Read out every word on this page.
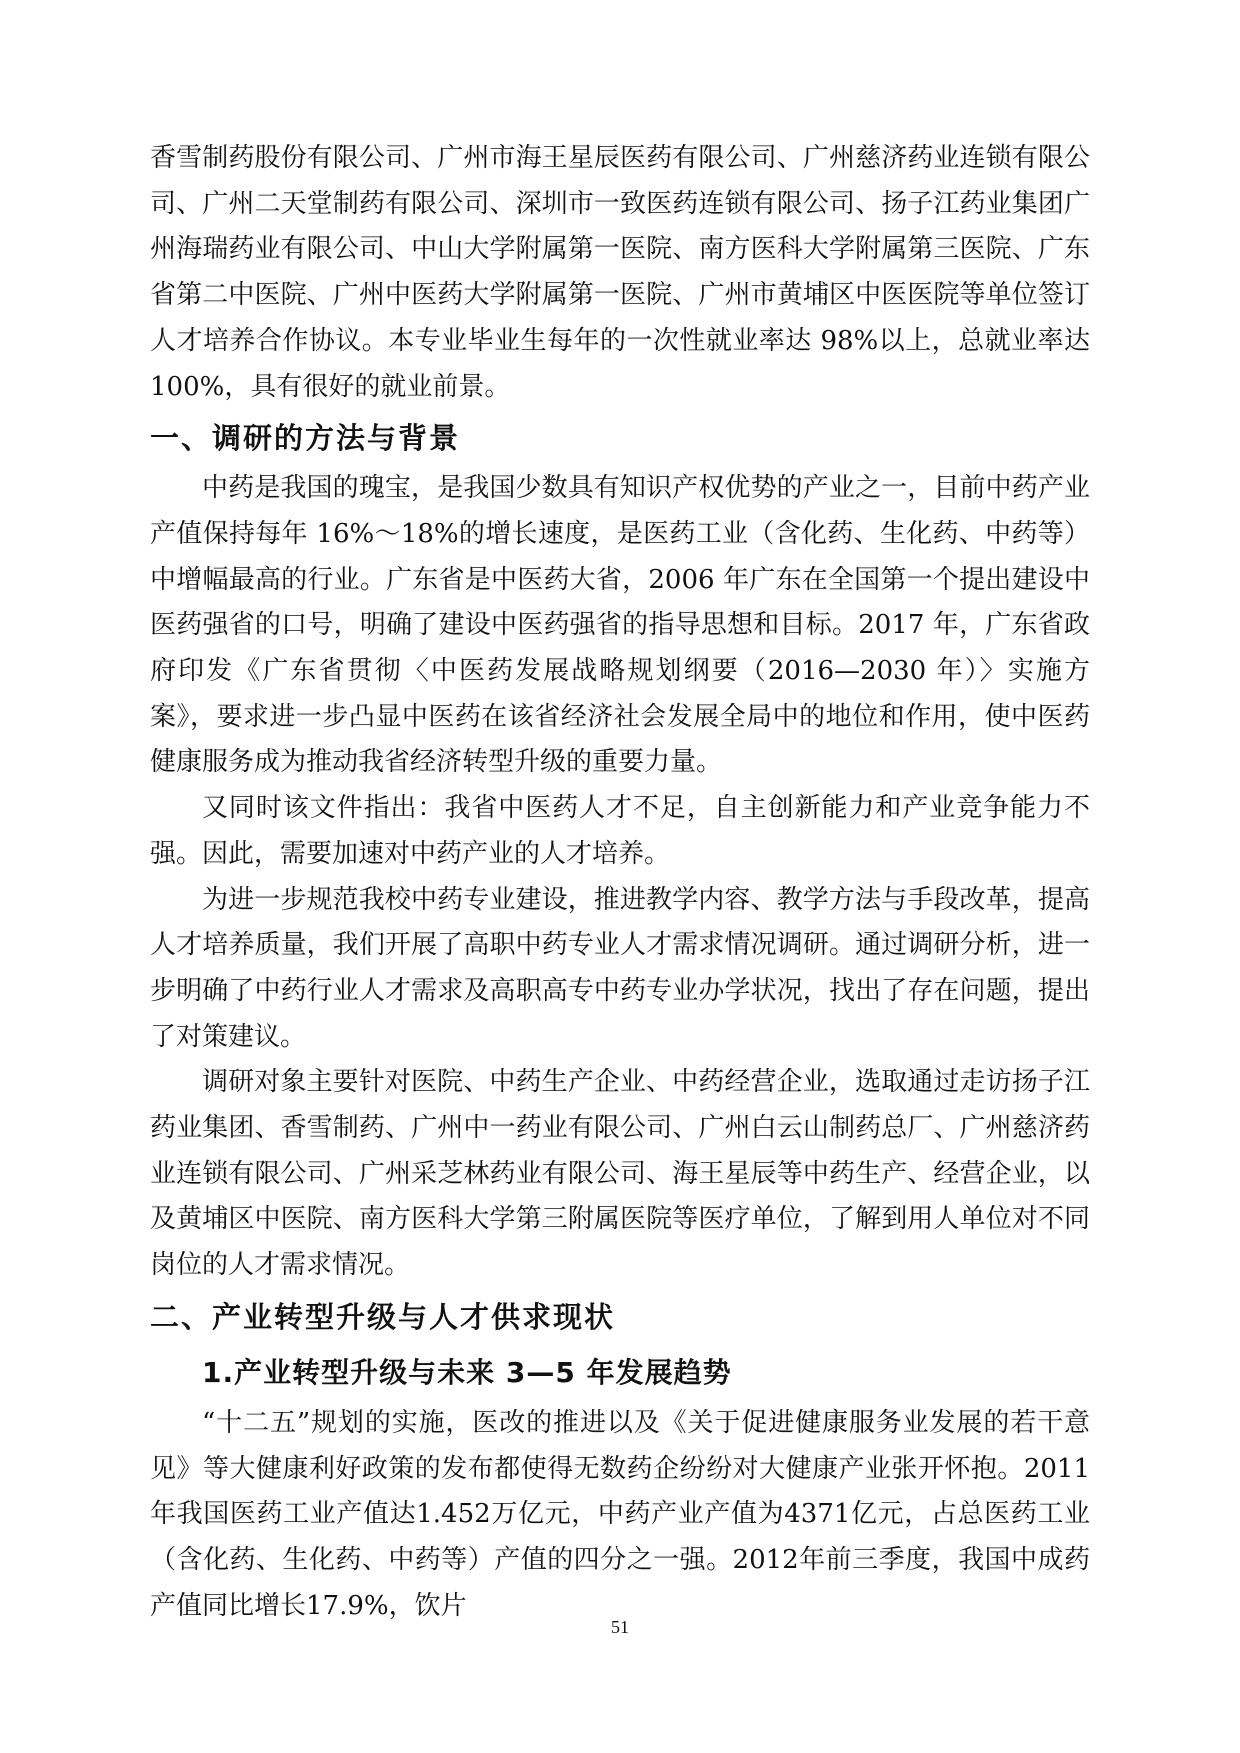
香雪制药股份有限公司、广州市海王星辰医药有限公司、广州慈济药业连锁有限公司、广州二天堂制药有限公司、深圳市一致医药连锁有限公司、扬子江药业集团广州海瑞药业有限公司、中山大学附属第一医院、南方医科大学附属第三医院、广东省第二中医院、广州中医药大学附属第一医院、广州市黄埔区中医医院等单位签订人才培养合作协议。本专业毕业生每年的一次性就业率达 98%以上，总就业率达 100%，具有很好的就业前景。

一、调研的方法与背景

中药是我国的瑰宝，是我国少数具有知识产权优势的产业之一，目前中药产业产值保持每年 16%～18%的增长速度，是医药工业（含化药、生化药、中药等）中增幅最高的行业。广东省是中医药大省，2006 年广东在全国第一个提出建设中医药强省的口号，明确了建设中医药强省的指导思想和目标。2017 年，广东省政府印发《广东省贯彻〈中医药发展战略规划纲要（2016—2030 年）〉实施方案》，要求进一步凸显中医药在该省经济社会发展全局中的地位和作用，使中医药健康服务成为推动我省经济转型升级的重要力量。

又同时该文件指出：我省中医药人才不足，自主创新能力和产业竞争能力不强。因此，需要加速对中药产业的人才培养。

为进一步规范我校中药专业建设，推进教学内容、教学方法与手段改革，提高人才培养质量，我们开展了高职中药专业人才需求情况调研。通过调研分析，进一步明确了中药行业人才需求及高职高专中药专业办学状况，找出了存在问题，提出了对策建议。

调研对象主要针对医院、中药生产企业、中药经营企业，选取通过走访扬子江药业集团、香雪制药、广州中一药业有限公司、广州白云山制药总厂、广州慈济药业连锁有限公司、广州采芝林药业有限公司、海王星辰等中药生产、经营企业，以及黄埔区中医院、南方医科大学第三附属医院等医疗单位，了解到用人单位对不同岗位的人才需求情况。

二、产业转型升级与人才供求现状
1.产业转型升级与未来 3—5 年发展趋势

“十二五”规划的实施，医改的推进以及《关于促进健康服务业发展的若干意见》等大健康利好政策的发布都使得无数药企纷纷对大健康产业张开怀抱。2011年我国医药工业产值达1.452万亿元，中药产业产值为4371亿元，占总医药工业（含化药、生化药、中药等）产值的四分之一强。2012年前三季度，我国中成药产值同比增长17.9%，饮片

51
